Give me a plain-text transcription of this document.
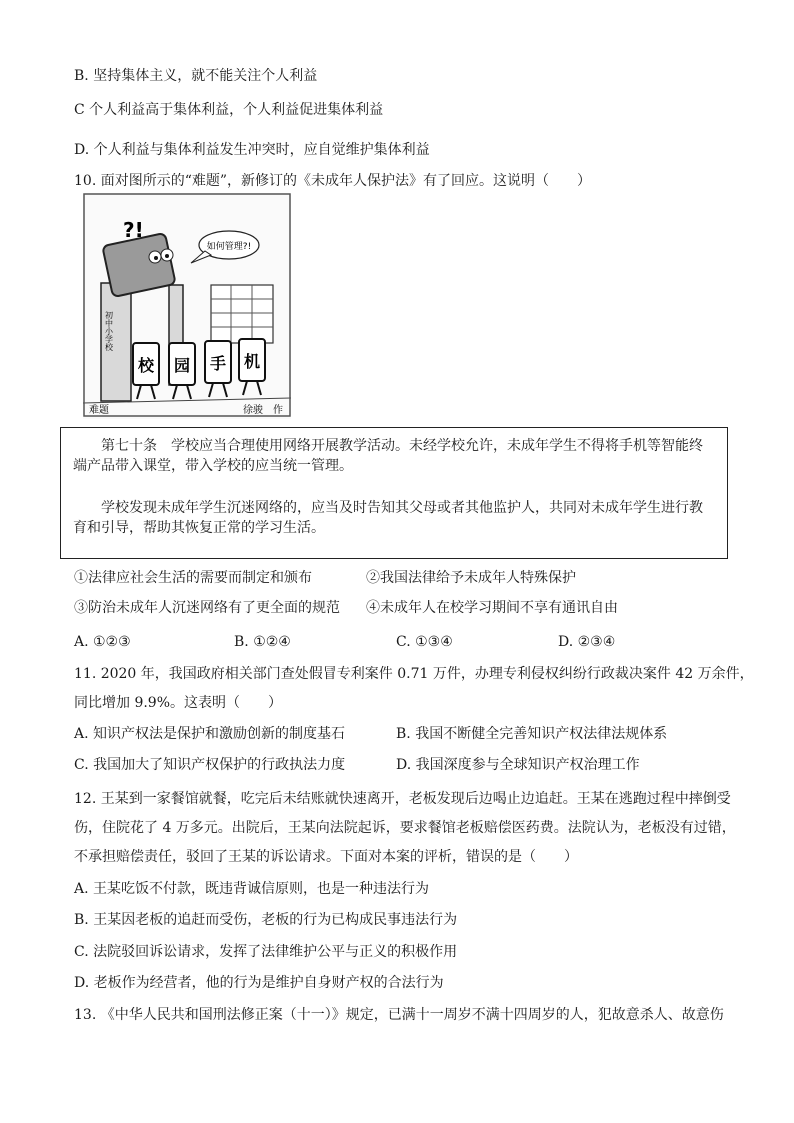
B. 坚持集体主义，就不能关注个人利益
C 个人利益高于集体利益，个人利益促进集体利益
D. 个人利益与集体利益发生冲突时，应自觉维护集体利益
10. 面对图所示的“难题”，新修订的《未成年人保护法》有了回应。这说明（　　）
如何管理?!
?!
初中小学校
校 园 手 机
难题	徐骏　作

第七十条　学校应当合理使用网络开展教学活动。未经学校允许，未成年学生不得将手机等智能终端产品带入课堂，带入学校的应当统一管理。

学校发现未成年学生沉迷网络的，应当及时告知其父母或者其他监护人，共同对未成年学生进行教育和引导，帮助其恢复正常的学习生活。

①法律应社会生活的需要而制定和颁布	②我国法律给予未成年人特殊保护
③防治未成年人沉迷网络有了更全面的规范 ④未成年人在校学习期间不享有通讯自由
A. ①②③	B. ①②④	C. ①③④	D. ②③④
11. 2020 年，我国政府相关部门查处假冒专利案件 0.71 万件，办理专利侵权纠纷行政裁决案件 42 万余件，
同比增加 9.9%。这表明（　　）
A. 知识产权法是保护和激励创新的制度基石	B. 我国不断健全完善知识产权法律法规体系
C. 我国加大了知识产权保护的行政执法力度	D. 我国深度参与全球知识产权治理工作
12. 王某到一家餐馆就餐，吃完后未结账就快速离开，老板发现后边喝止边追赶。王某在逃跑过程中摔倒受
伤，住院花了 4 万多元。出院后，王某向法院起诉，要求餐馆老板赔偿医药费。法院认为，老板没有过错，
不承担赔偿责任，驳回了王某的诉讼请求。下面对本案的评析，错误的是（　　）
A. 王某吃饭不付款，既违背诚信原则，也是一种违法行为
B. 王某因老板的追赶而受伤，老板的行为已构成民事违法行为
C. 法院驳回诉讼请求，发挥了法律维护公平与正义的积极作用
D. 老板作为经营者，他的行为是维护自身财产权的合法行为
13. 《中华人民共和国刑法修正案（十一）》规定，已满十一周岁不满十四周岁的人，犯故意杀人、故意伤
